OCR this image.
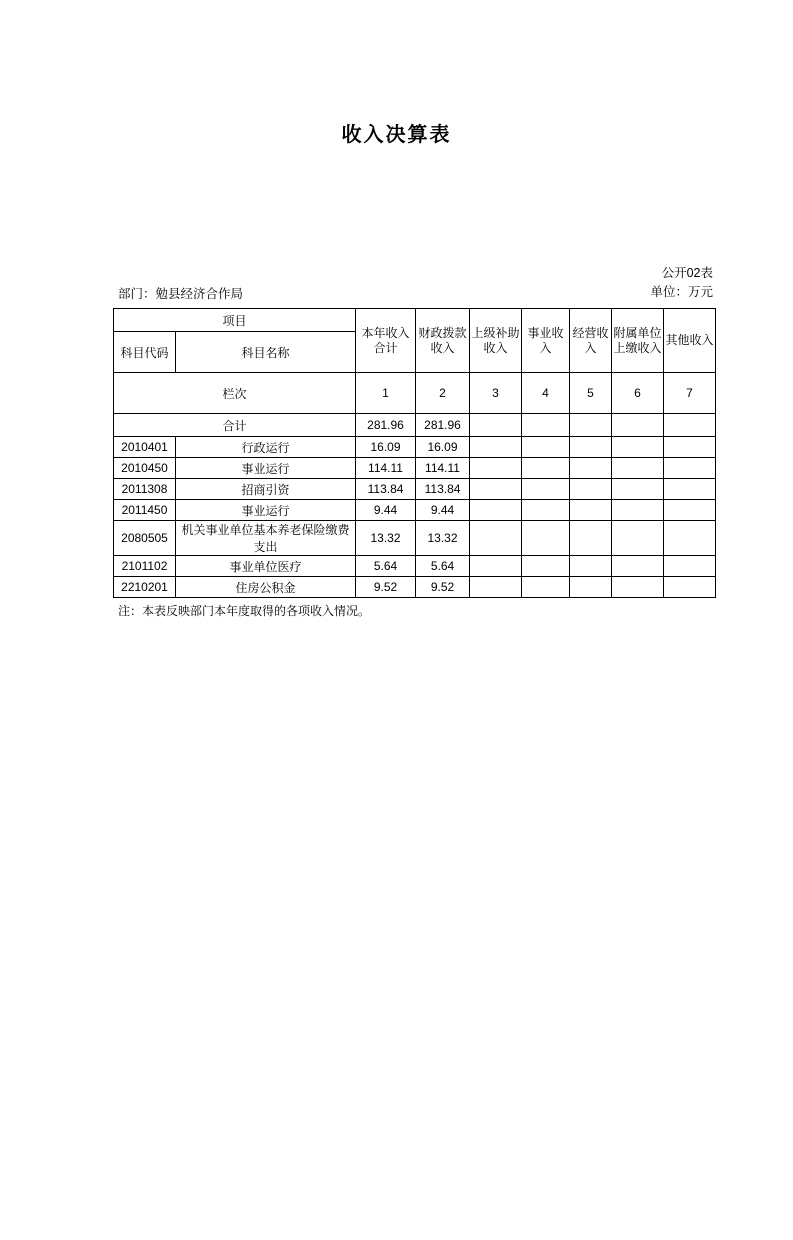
收入决算表
公开02表
单位：万元
部门：勉县经济合作局
项目		本年收入合计	财政拨款收入	上级补助收入	事业收入	经营收入	附属单位上缴收入	其他收入
科目代码	科目名称							
栏次		1	2	3	4	5	6	7
合计		281.96	281.96					
2010401	行政运行	16.09	16.09					
2010450	事业运行	114.11	114.11					
2011308	招商引资	113.84	113.84					
2011450	事业运行	9.44	9.44					
2080505	机关事业单位基本养老保险缴费支出	13.32	13.32					
2101102	事业单位医疗	5.64	5.64					
2210201	住房公积金	9.52	9.52					
注：本表反映部门本年度取得的各项收入情况。
